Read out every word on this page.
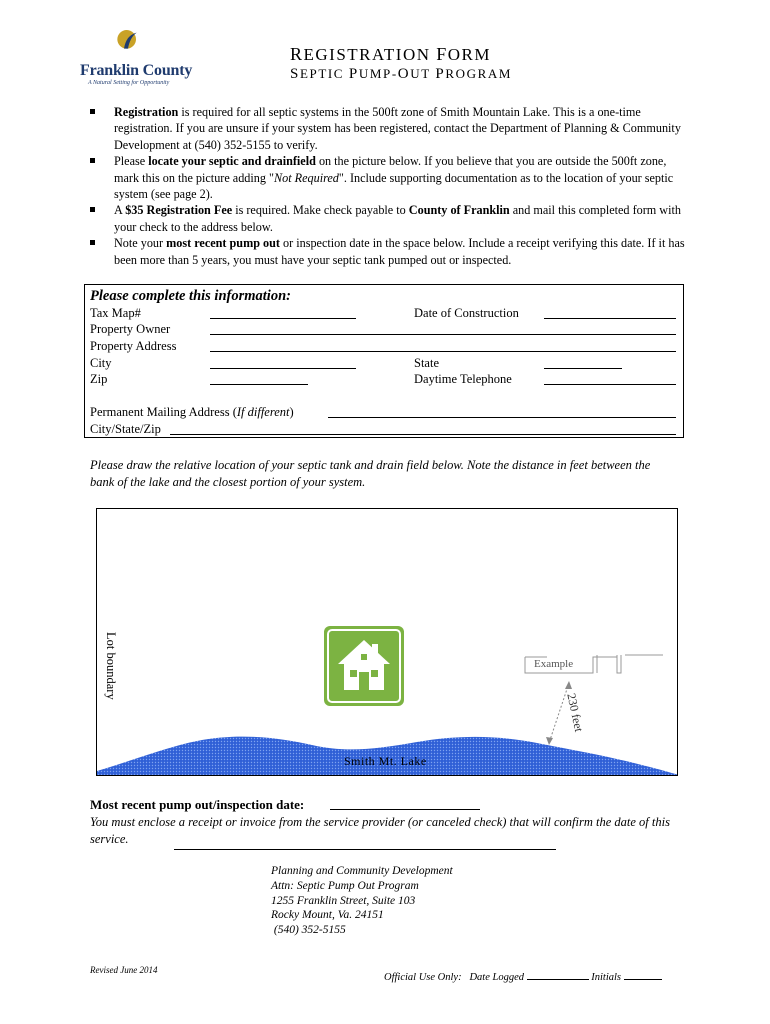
Franklin County
A Natural Setting for Opportunity
REGISTRATION FORM
SEPTIC PUMP-OUT PROGRAM
Registration is required for all septic systems in the 500ft zone of Smith Mountain Lake. This is a one-time registration. If you are unsure if your system has been registered, contact the Department of Planning & Community Development at (540) 352-5155 to verify.
Please locate your septic and drainfield on the picture below. If you believe that you are outside the 500ft zone, mark this on the picture adding "Not Required". Include supporting documentation as to the location of your septic system (see page 2).
A $35 Registration Fee is required. Make check payable to County of Franklin and mail this completed form with your check to the address below.
Note your most recent pump out or inspection date in the space below. Include a receipt verifying this date. If it has been more than 5 years, you must have your septic tank pumped out or inspected.
Please complete this information:
Tax Map#	Date of Construction
Property Owner
Property Address
City	State
Zip	Daytime Telephone
Permanent Mailing Address (If different)
City/State/Zip
Please draw the relative location of your septic tank and drain field below. Note the distance in feet between the bank of the lake and the closest portion of your system.
Lot boundary	Example
230 feet
Smith Mt. Lake
Most recent pump out/inspection date:
You must enclose a receipt or invoice from the service provider (or canceled check) that will confirm the date of this service.
Planning and Community Development
Attn: Septic Pump Out Program
1255 Franklin Street, Suite 103
Rocky Mount, Va. 24151
(540) 352-5155
Revised June 2014
Official Use Only:   Date Logged	Initials
